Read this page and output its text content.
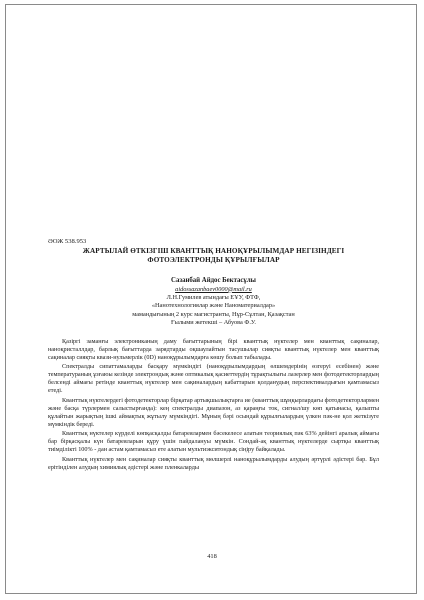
ӘОЖ 538.953
ЖАРТЫЛАЙ ӨТКІЗГІШ КВАНТТЫҚ НАНОҚҰРЫЛЫМДАР НЕГІЗІНДЕГІ
ФОТОЭЛЕКТРОНДЫ ҚҰРЫЛҒЫЛАР
Сазанбай Айдос Бектасұлы
aidossazanbaev0000@mail.ru
Л.Н.Гумилев атындағы ЕҰУ, ФТФ,
«Нанотехнологиялар және Наноматериалдар»
мамандығының 2 курс магистранты, Нұр-Сұлтан, Қазақстан
Ғылыми жетекші – Абуова Ф.У.

Қазіргі заманғы электрониканың даму бағыттарының бірі кванттық нүктелер мен кванттық сақиналар, наноқристаллдар, барлық бағыттарда зарядтарды оқшаулайтын тасушылар сияқты кванттық нүктелер мен кванттық сақиналар сияқты квази-нульмерлік (0D) наноқұрылымдарға көшу болып табылады.

Спектралды сипаттамаларды басқару мүмкіндігі (наноқұрылымдардың өлшемдерінің өзгеруі есебінен) және температураның ұзғаюы кезінде электрондық және оптикалық қасиеттердің тұрақтылығы лазерлер мен фотодетекторлардың белсенді аймағы ретінде кванттық нүктелер мен сақиналардың кабаттарын қолданудың перспективалдығын қамтамасыз етеді.

Кванттық нүктелердегі фотодетекторлар бірқатар артықшылықтарға ие (кванттық шұңқырлардағы фотодетекторлармен және басқа түрлермен салыстырғанда): кең спектралды диапазон, аз қараңғы ток, сигнал/шу көп қатынасы, қалыпты құлайтын жарықтың ішкі аймақтық жұтылу мүмкіндігі. Мұның бәрі осындай құрылғылардың үлкен пәк-не қол жеткізуге мүмкіндік береді.

Кванттық нүктелер күрделі көпқасқалды батареялармен бәсекелесе алатын теориялық пәк 63% дейінгі аралық аймағы бар бірқасқалы күн батареяларын құру үшін пайдалануы мүмкін. Сондай-ақ кванттық нүктелерде сыртқы кванттық тиімділікті 100% - дан астам қамтамасыз ете алатын мультиэкситондық сіңіру байқалады.

Кванттық нүктелер мен сақиналар сияқты кванттық мөлшерлі наноқұрылымдарды алудың әртүрлі әдістері бар. Бұл ерітінділен алудың химиялық әдістері және пленкаларды

418
